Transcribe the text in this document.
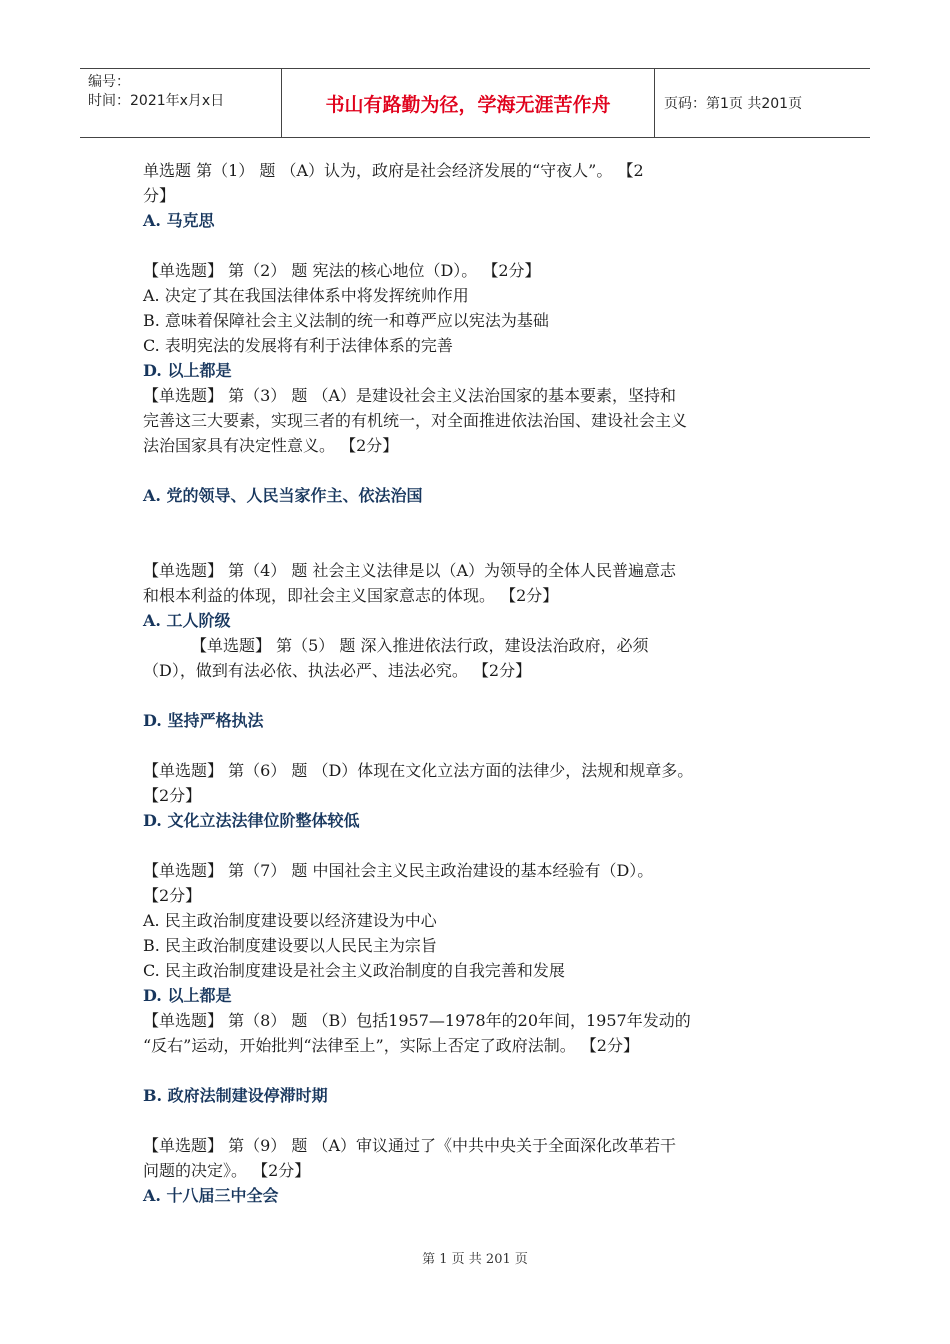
编号：
时间：2021年x月x日	书山有路勤为径，学海无涯苦作舟	页码：第1页 共201页
单选题 第（1） 题 （A）认为，政府是社会经济发展的“守夜人”。 【2
分】
A. 马克思
【单选题】 第（2） 题 宪法的核心地位（D）。 【2分】
A. 决定了其在我国法律体系中将发挥统帅作用
B. 意味着保障社会主义法制的统一和尊严应以宪法为基础
C. 表明宪法的发展将有利于法律体系的完善
D. 以上都是
【单选题】 第（3） 题 （A）是建设社会主义法治国家的基本要素，坚持和
完善这三大要素，实现三者的有机统一，对全面推进依法治国、建设社会主义
法治国家具有决定性意义。 【2分】
A. 党的领导、人民当家作主、依法治国
【单选题】 第（4） 题 社会主义法律是以（A）为领导的全体人民普遍意志
和根本利益的体现，即社会主义国家意志的体现。 【2分】
A. 工人阶级
【单选题】 第（5） 题 深入推进依法行政，建设法治政府，必须
（D），做到有法必依、执法必严、违法必究。 【2分】
D. 坚持严格执法
【单选题】 第（6） 题 （D）体现在文化立法方面的法律少，法规和规章多。
【2分】
D. 文化立法法律位阶整体较低
【单选题】 第（7） 题 中国社会主义民主政治建设的基本经验有（D）。
【2分】
A. 民主政治制度建设要以经济建设为中心
B. 民主政治制度建设要以人民民主为宗旨
C. 民主政治制度建设是社会主义政治制度的自我完善和发展
D. 以上都是
【单选题】 第（8） 题 （B）包括1957—1978年的20年间，1957年发动的
“反右”运动，开始批判“法律至上”，实际上否定了政府法制。 【2分】
B. 政府法制建设停滞时期
【单选题】 第（9） 题 （A）审议通过了《中共中央关于全面深化改革若干
问题的决定》。 【2分】
A. 十八届三中全会
第 1 页 共 201 页
